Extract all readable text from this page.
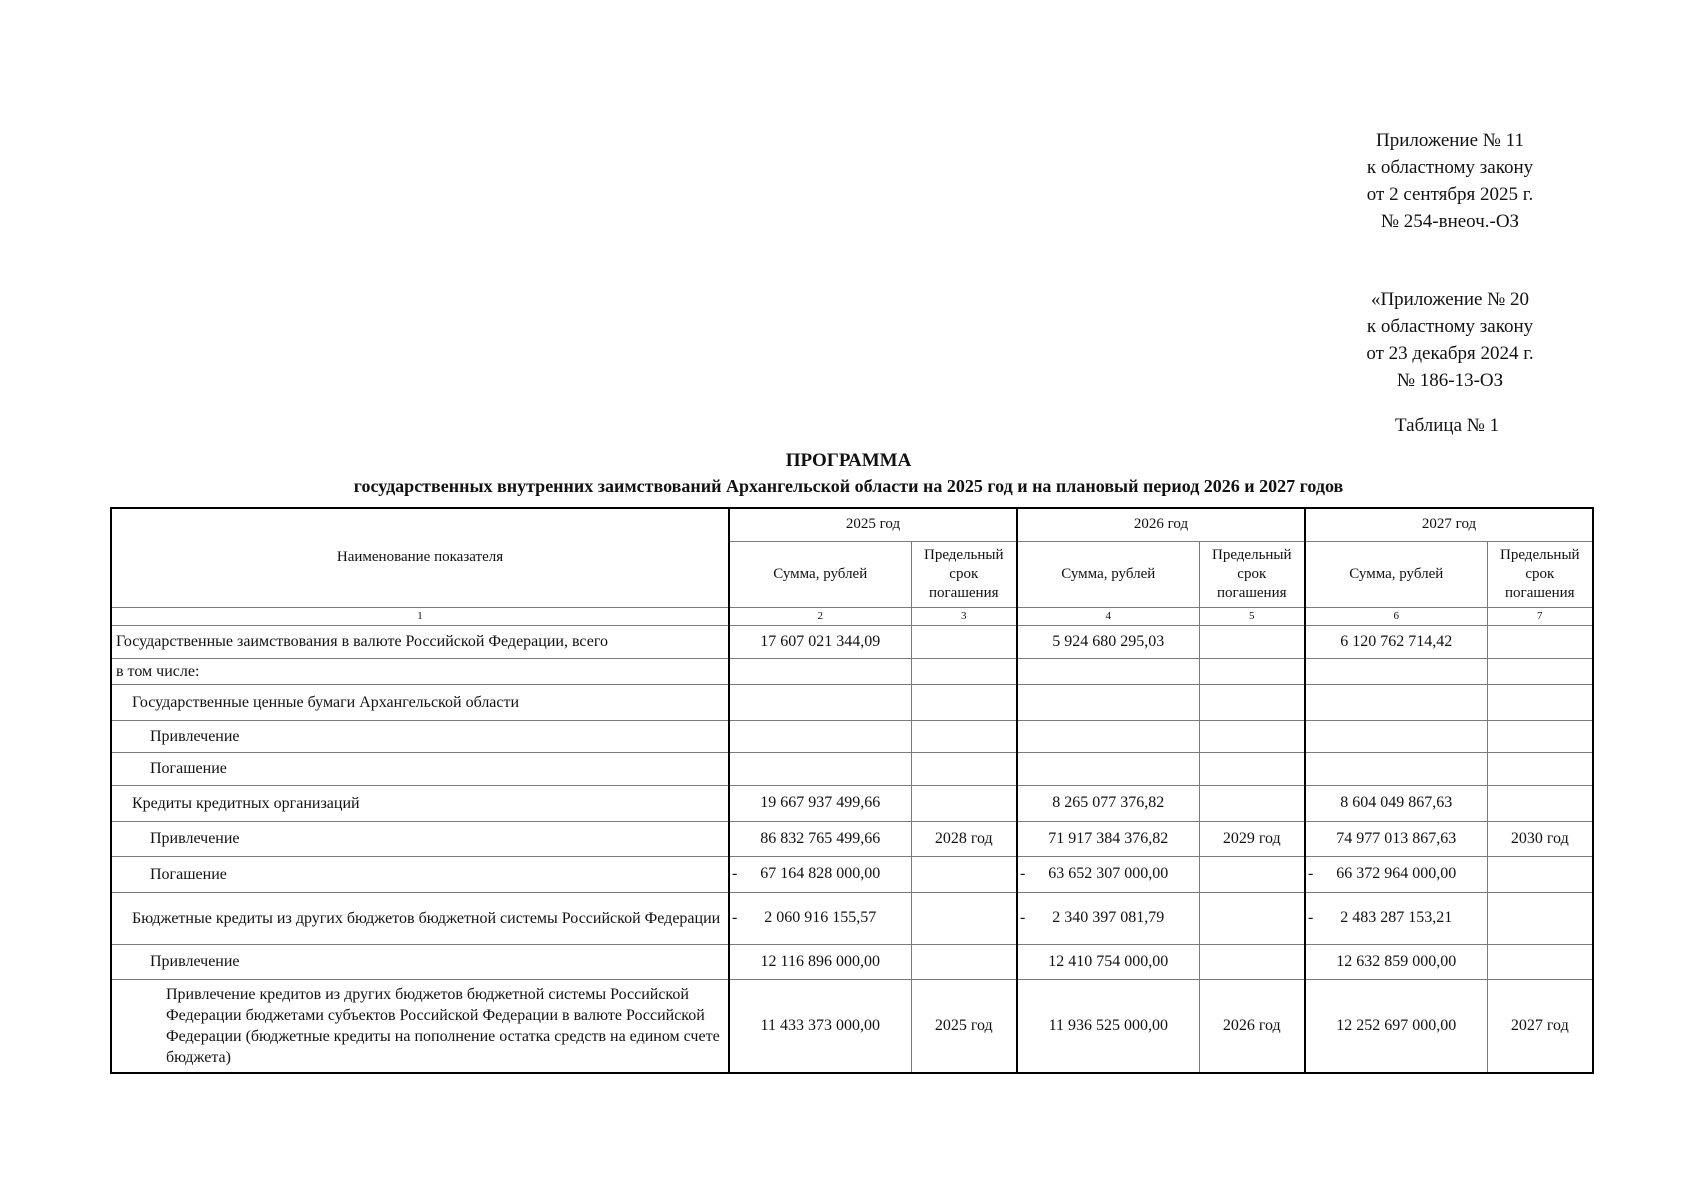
Приложение № 11
к областному закону
от 2 сентября 2025 г.
№ 254-внеоч.-ОЗ
«Приложение № 20
к областному закону
от 23 декабря 2024 г.
№ 186-13-ОЗ
Таблица № 1
ПРОГРАММА
государственных внутренних заимствований Архангельской области на 2025 год и на плановый период 2026 и 2027 годов
Наименование показателя	2025 год		2026 год		2027 год	
	Сумма, рублей	Предельный срок погашения	Сумма, рублей	Предельный срок погашения	Сумма, рублей	Предельный срок погашения
1	2	3	4	5	6	7
Государственные заимствования в валюте Российской Федерации, всего	17 607 021 344,09		5 924 680 295,03		6 120 762 714,42	
в том числе:						
Государственные ценные бумаги Архангельской области						
Привлечение						
Погашение						
Кредиты кредитных организаций	19 667 937 499,66		8 265 077 376,82		8 604 049 867,63	
Привлечение	86 832 765 499,66	2028 год	71 917 384 376,82	2029 год	74 977 013 867,63	2030 год
Погашение	- 67 164 828 000,00		- 63 652 307 000,00		- 66 372 964 000,00	
Бюджетные кредиты из других бюджетов бюджетной системы Российской Федерации	- 2 060 916 155,57		- 2 340 397 081,79		- 2 483 287 153,21	
Привлечение	12 116 896 000,00		12 410 754 000,00		12 632 859 000,00	
Привлечение кредитов из других бюджетов бюджетной системы Российской Федерации бюджетами субъектов Российской Федерации в валюте Российской Федерации (бюджетные кредиты на пополнение остатка средств на едином счете бюджета)	11 433 373 000,00	2025 год	11 936 525 000,00	2026 год	12 252 697 000,00	2027 год
